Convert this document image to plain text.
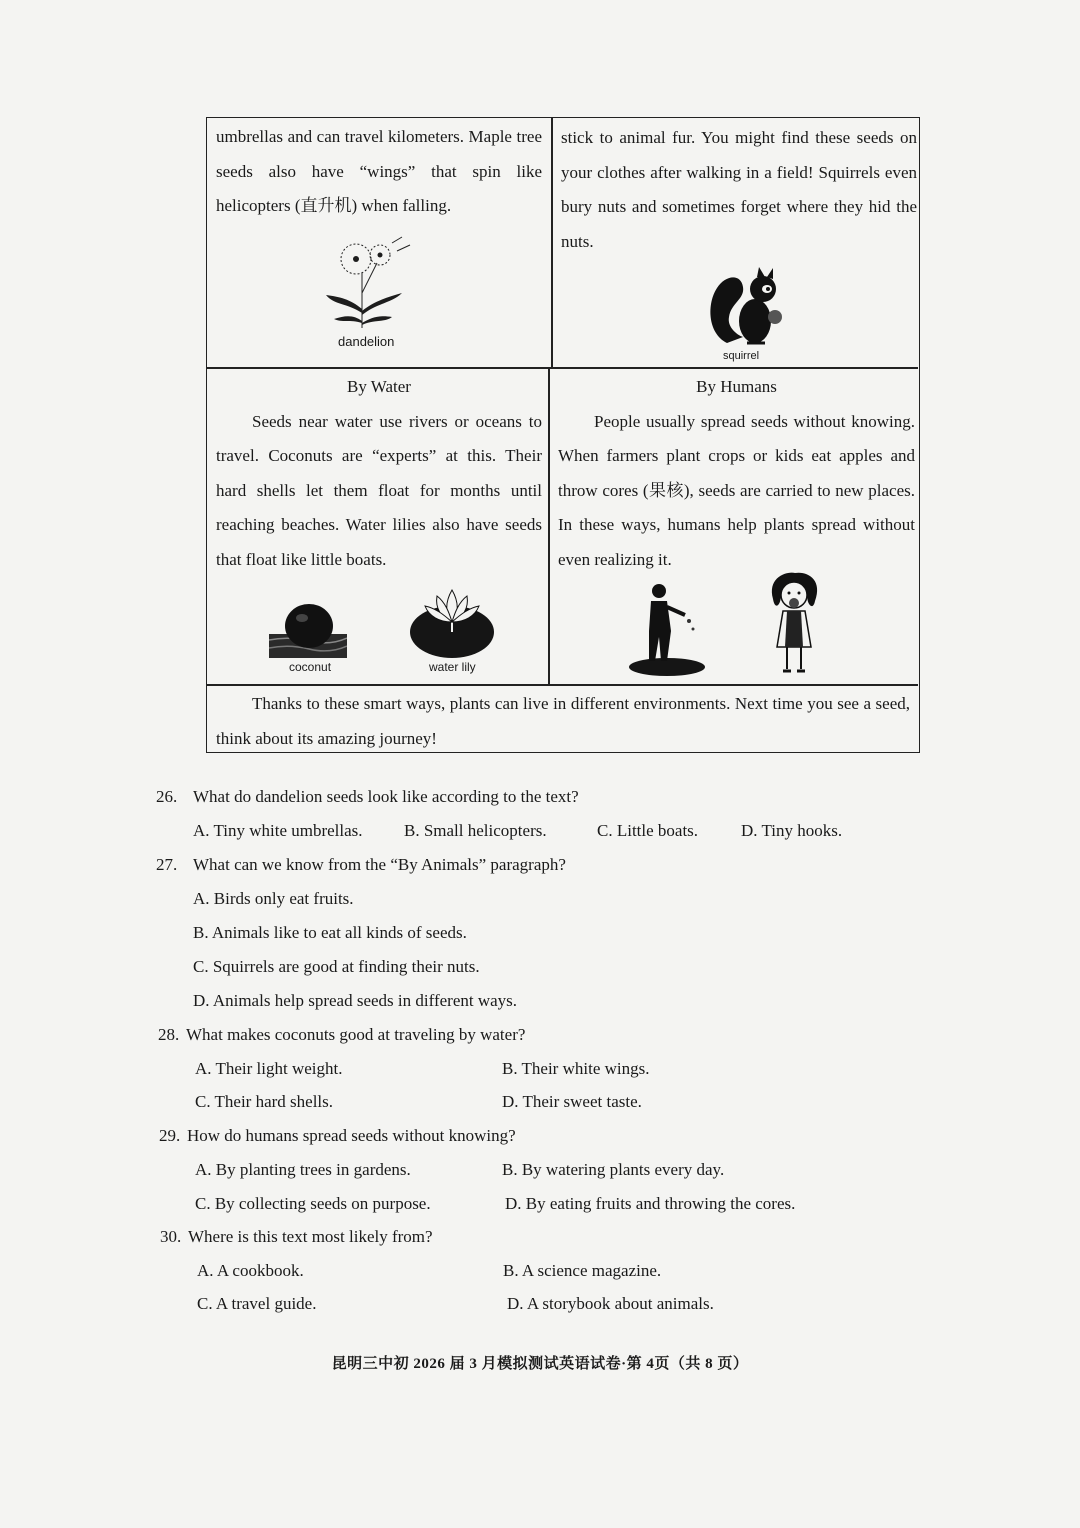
umbrellas and can travel kilometers. Maple tree seeds also have “wings” that spin like helicopters (直升机) when falling.

dandelion

stick to animal fur. You might find these seeds on your clothes after walking in a field! Squirrels even bury nuts and sometimes forget where they hid the nuts.

squirrel

By Water

Seeds near water use rivers or oceans to travel. Coconuts are “experts” at this. Their hard shells let them float for months until reaching beaches. Water lilies also have seeds that float like little boats.

coconut	water lily

By Humans

People usually spread seeds without knowing. When farmers plant crops or kids eat apples and throw cores (果核), seeds are carried to new places. In these ways, humans help plants spread without even realizing it.

Thanks to these smart ways, plants can live in different environments. Next time you see a seed, think about its amazing journey!

26. What do dandelion seeds look like according to the text?
A. Tiny white umbrellas. B. Small helicopters.	C. Little boats.	D. Tiny hooks.
27. What can we know from the “By Animals” paragraph?
A. Birds only eat fruits.
B. Animals like to eat all kinds of seeds.
C. Squirrels are good at finding their nuts.
D. Animals help spread seeds in different ways.
28. What makes coconuts good at traveling by water?
A. Their light weight.	B. Their white wings.
C. Their hard shells.	D. Their sweet taste.
29. How do humans spread seeds without knowing?
A. By planting trees in gardens.	B. By watering plants every day.
C. By collecting seeds on purpose.	D. By eating fruits and throwing the cores.
30. Where is this text most likely from?
A. A cookbook.	B. A science magazine.
C. A travel guide.	D. A storybook about animals.
昆明三中初 2026 届 3 月模拟测试英语试卷·第 4页（共 8 页）
